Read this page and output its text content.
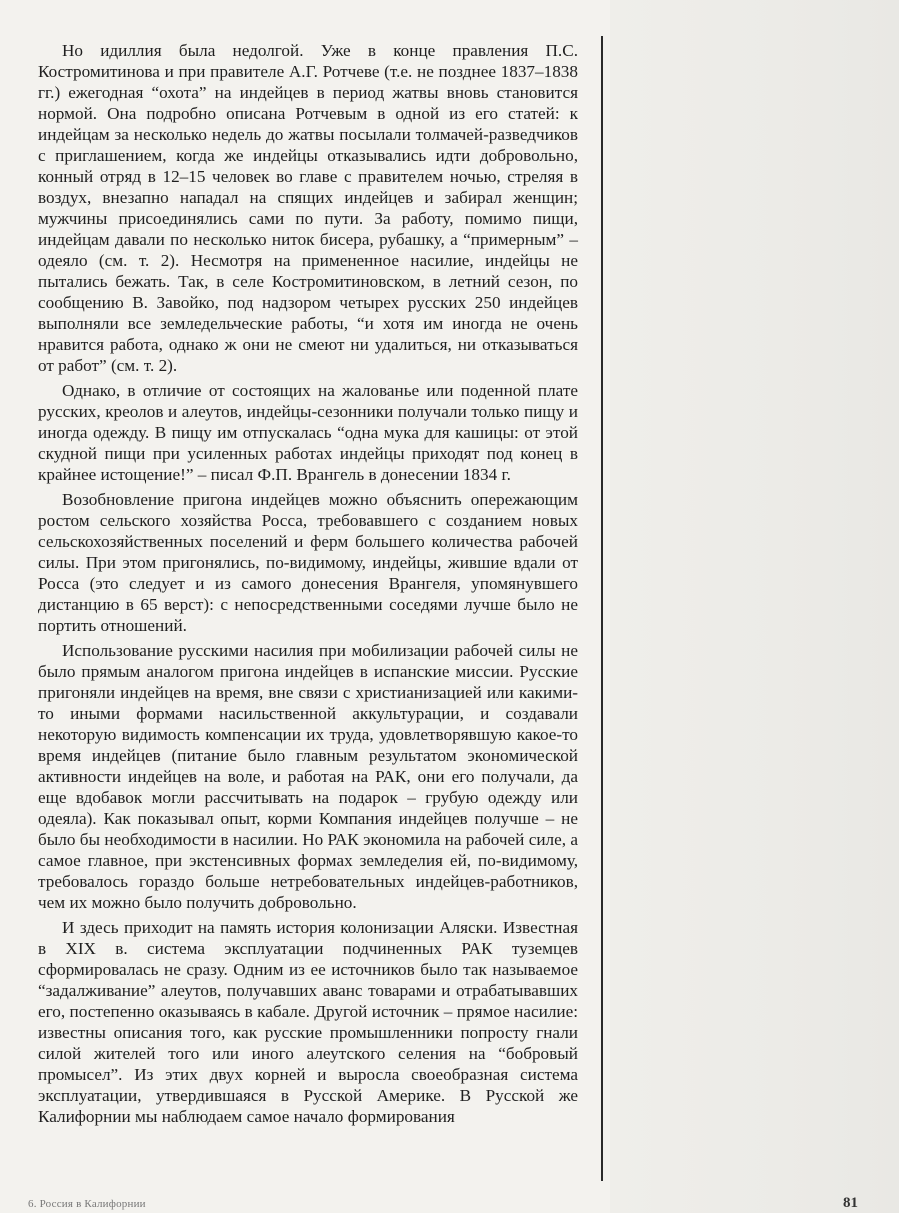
Но идиллия была недолгой. Уже в конце правления П.С. Костромитинова и при правителе А.Г. Ротчеве (т.е. не позднее 1837–1838 гг.) ежегодная “охота” на индейцев в период жатвы вновь становится нормой. Она подробно описана Ротчевым в одной из его статей: к индейцам за несколько недель до жатвы посылали толмачей-разведчиков с приглашением, когда же индейцы отказывались идти добровольно, конный отряд в 12–15 человек во главе с правителем ночью, стреляя в воздух, внезапно нападал на спящих индейцев и забирал женщин; мужчины присоединялись сами по пути. За работу, помимо пищи, индейцам давали по несколько ниток бисера, рубашку, а “примерным” – одеяло (см. т. 2). Несмотря на примененное насилие, индейцы не пытались бежать. Так, в селе Костромитиновском, в летний сезон, по сообщению В. Завойко, под надзором четырех русских 250 индейцев выполняли все земледельческие работы, “и хотя им иногда не очень нравится работа, однако ж они не смеют ни удалиться, ни отказываться от работ” (см. т. 2).

Однако, в отличие от состоящих на жалованье или поденной плате русских, креолов и алеутов, индейцы-сезонники получали только пищу и иногда одежду. В пищу им отпускалась “одна мука для кашицы: от этой скудной пищи при усиленных работах индейцы приходят под конец в крайнее истощение!” – писал Ф.П. Врангель в донесении 1834 г.

Возобновление пригона индейцев можно объяснить опережающим ростом сельского хозяйства Росса, требовавшего с созданием новых сельскохозяйственных поселений и ферм большего количества рабочей силы. При этом пригонялись, по-видимому, индейцы, жившие вдали от Росса (это следует и из самого донесения Врангеля, упомянувшего дистанцию в 65 верст): с непосредственными соседями лучше было не портить отношений.

Использование русскими насилия при мобилизации рабочей силы не было прямым аналогом пригона индейцев в испанские миссии. Русские пригоняли индейцев на время, вне связи с христианизацией или какими-то иными формами насильственной аккультурации, и создавали некоторую видимость компенсации их труда, удовлетворявшую какое-то время индейцев (питание было главным результатом экономической активности индейцев на воле, и работая на РАК, они его получали, да еще вдобавок могли рассчитывать на подарок – грубую одежду или одеяла). Как показывал опыт, корми Компания индейцев получше – не было бы необходимости в насилии. Но РАК экономила на рабочей силе, а самое главное, при экстенсивных формах земледелия ей, по-видимому, требовалось гораздо больше нетребовательных индейцев-работников, чем их можно было получить добровольно.

И здесь приходит на память история колонизации Аляски. Известная в XIX в. система эксплуатации подчиненных РАК туземцев сформировалась не сразу. Одним из ее источников было так называемое “задалживание” алеутов, получавших аванс товарами и отрабатывавших его, постепенно оказываясь в кабале. Другой источник – прямое насилие: известны описания того, как русские промышленники попросту гнали силой жителей того или иного алеутского селения на “бобровый промысел”. Из этих двух корней и выросла своеобразная система эксплуатации, утвердившаяся в Русской Америке. В Русской же Калифорнии мы наблюдаем самое начало формирования

6. Россия в Калифорнии	81
